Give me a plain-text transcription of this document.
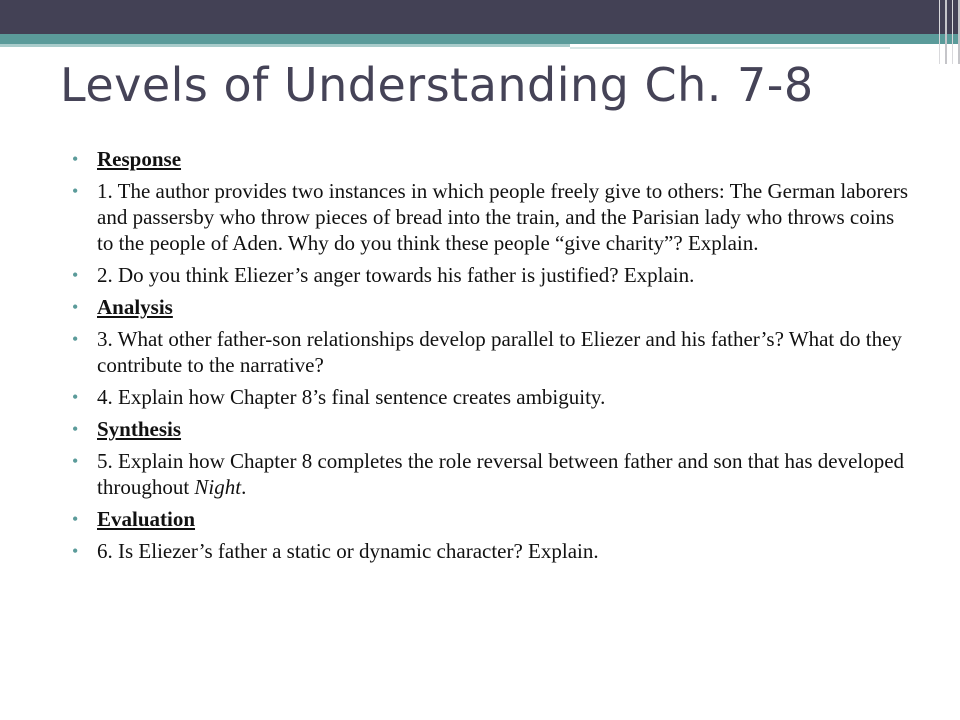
Levels of Understanding Ch. 7-8
• Response
• 1. The author provides two instances in which people freely give to others: The German laborers and passersby who throw pieces of bread into the train, and the Parisian lady who throws coins to the people of Aden. Why do you think these people “give charity”? Explain.
• 2. Do you think Eliezer’s anger towards his father is justified? Explain.
• Analysis
• 3. What other father-son relationships develop parallel to Eliezer and his father’s? What do they contribute to the narrative?
• 4. Explain how Chapter 8’s final sentence creates ambiguity.
• Synthesis
• 5. Explain how Chapter 8 completes the role reversal between father and son that has developed throughout Night.
• Evaluation
• 6. Is Eliezer’s father a static or dynamic character? Explain.
